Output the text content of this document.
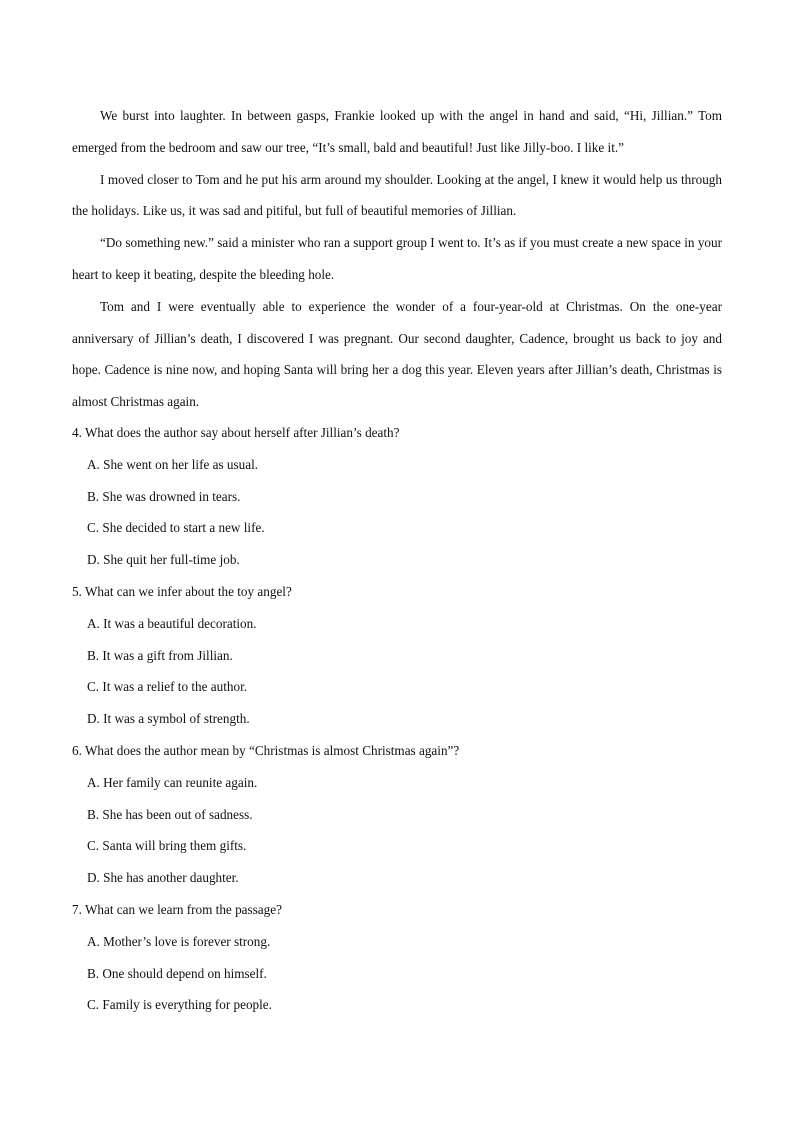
We burst into laughter. In between gasps, Frankie looked up with the angel in hand and said, “Hi, Jillian.” Tom emerged from the bedroom and saw our tree, “It’s small, bald and beautiful! Just like Jilly-boo. I like it.”

I moved closer to Tom and he put his arm around my shoulder. Looking at the angel, I knew it would help us through the holidays. Like us, it was sad and pitiful, but full of beautiful memories of Jillian.

“Do something new.” said a minister who ran a support group I went to. It’s as if you must create a new space in your heart to keep it beating, despite the bleeding hole.

Tom and I were eventually able to experience the wonder of a four-year-old at Christmas. On the one-year anniversary of Jillian’s death, I discovered I was pregnant. Our second daughter, Cadence, brought us back to joy and hope. Cadence is nine now, and hoping Santa will bring her a dog this year. Eleven years after Jillian’s death, Christmas is almost Christmas again.

4. What does the author say about herself after Jillian’s death?
A. She went on her life as usual.
B. She was drowned in tears.
C. She decided to start a new life.
D. She quit her full-time job.
5. What can we infer about the toy angel?
A. It was a beautiful decoration.
B. It was a gift from Jillian.
C. It was a relief to the author.
D. It was a symbol of strength.
6. What does the author mean by “Christmas is almost Christmas again”?
A. Her family can reunite again.
B. She has been out of sadness.
C. Santa will bring them gifts.
D. She has another daughter.
7. What can we learn from the passage?
A. Mother’s love is forever strong.
B. One should depend on himself.
C. Family is everything for people.
